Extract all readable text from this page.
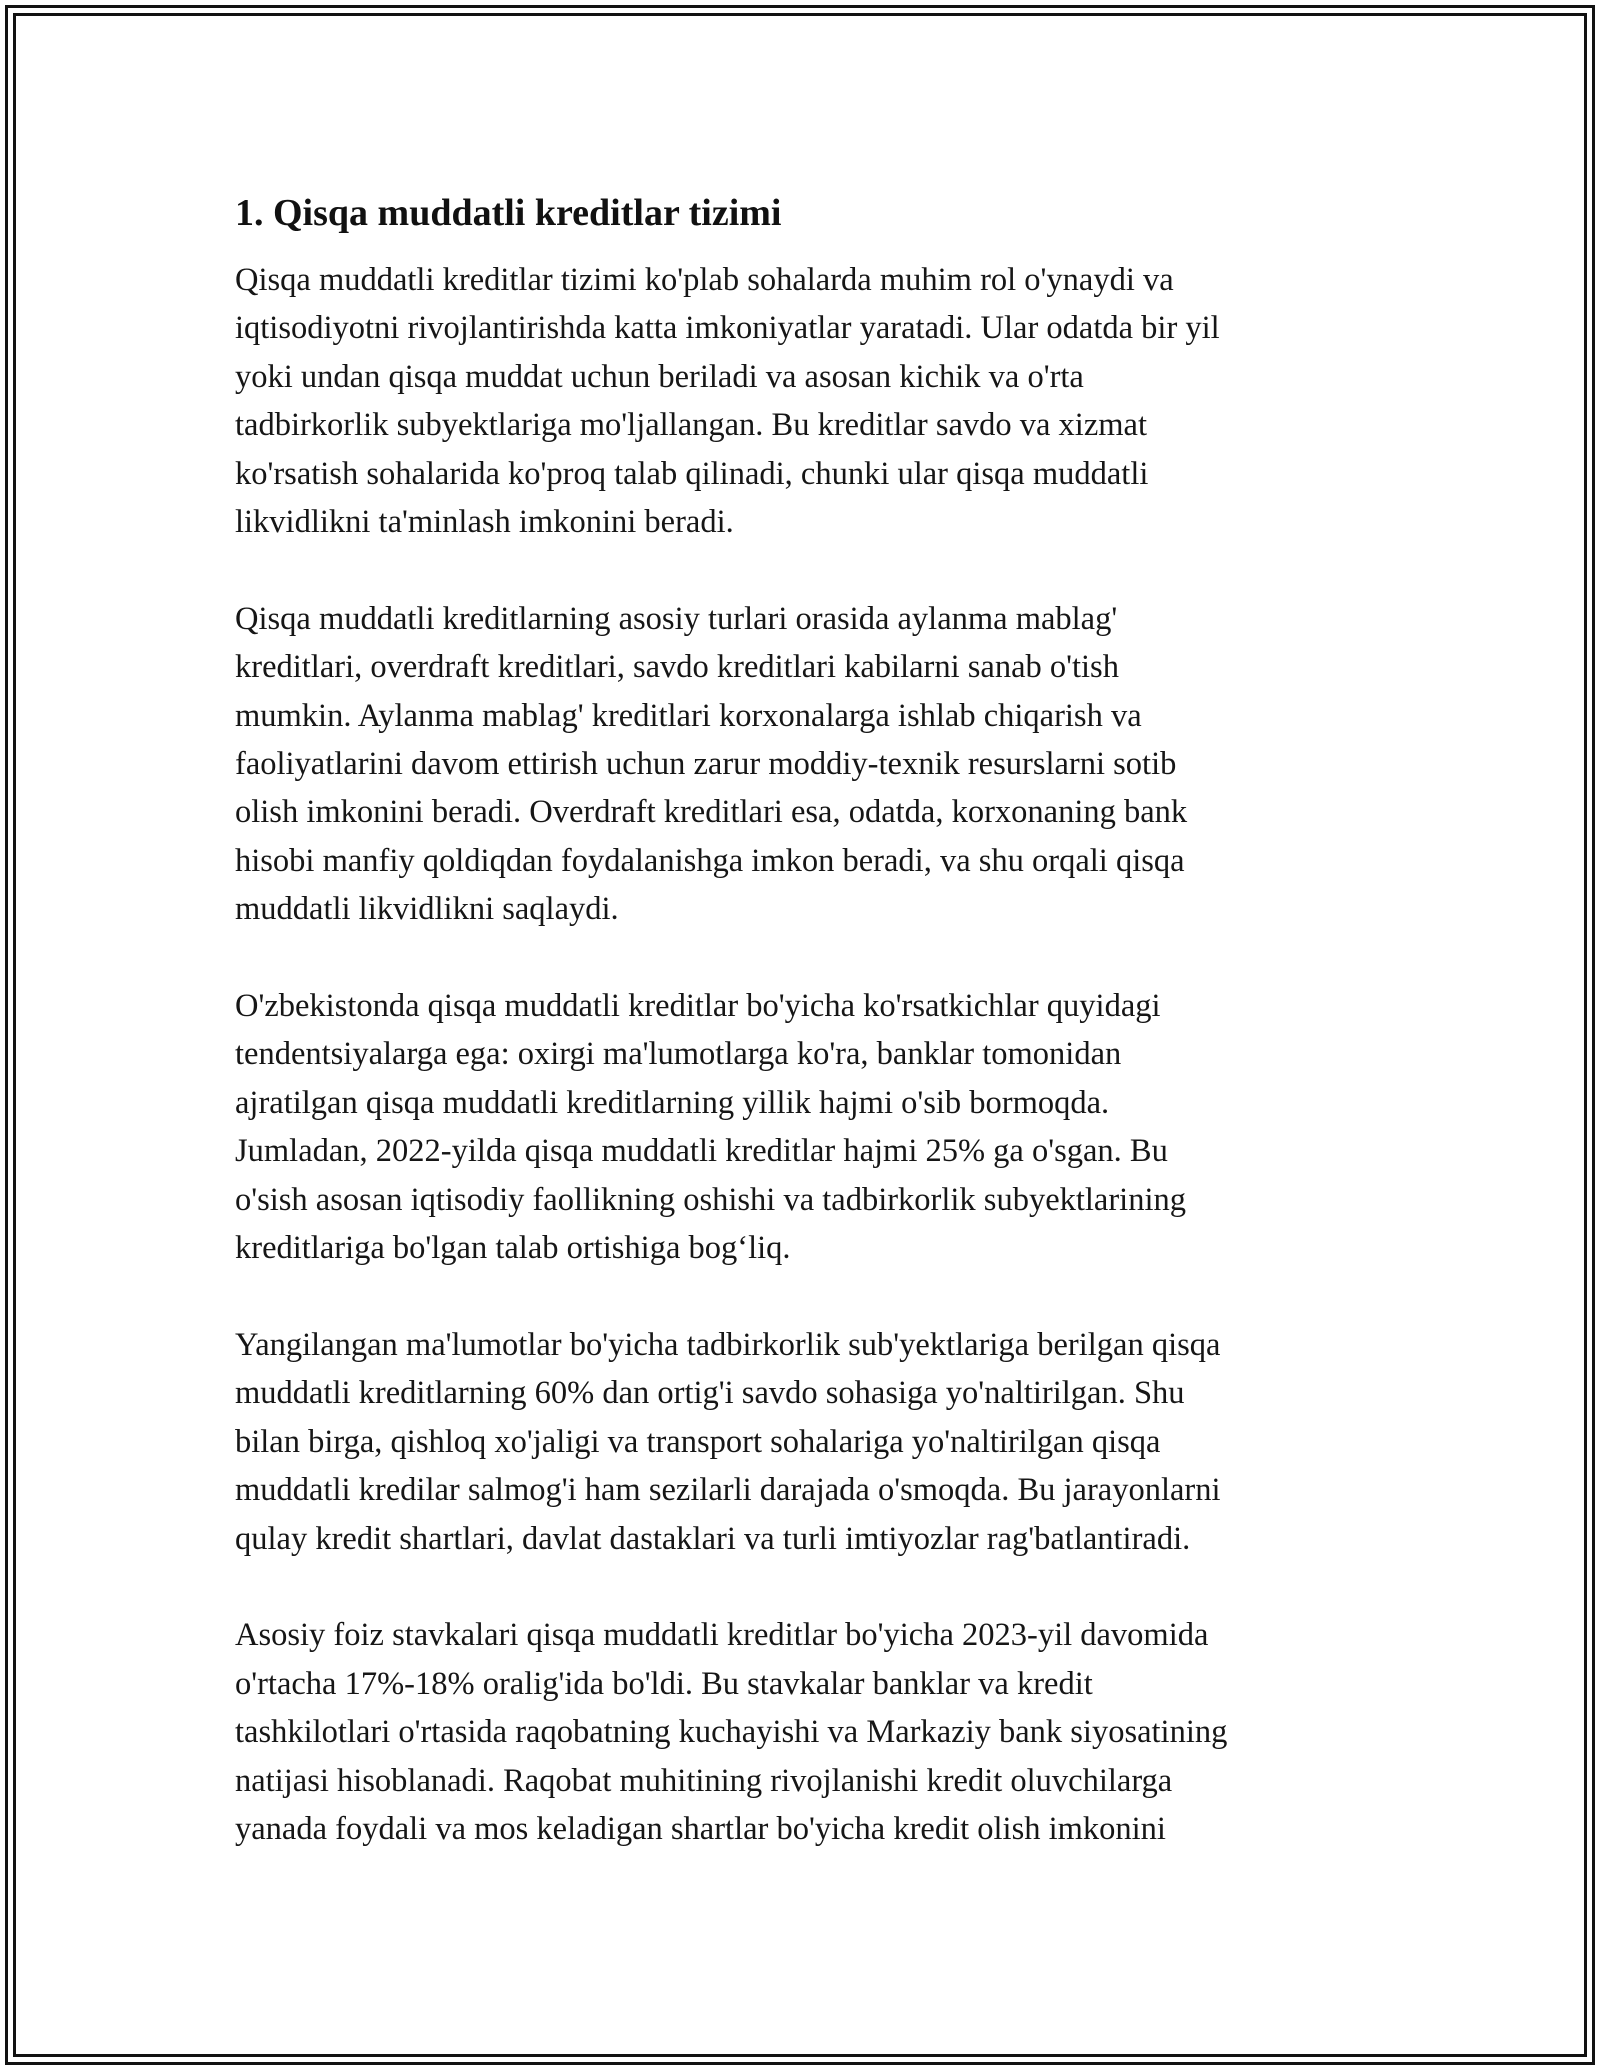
1. Qisqa muddatli kreditlar tizimi

Qisqa muddatli kreditlar tizimi ko'plab sohalarda muhim rol o'ynaydi va
iqtisodiyotni rivojlantirishda katta imkoniyatlar yaratadi. Ular odatda bir yil
yoki undan qisqa muddat uchun beriladi va asosan kichik va o'rta
tadbirkorlik subyektlariga mo'ljallangan. Bu kreditlar savdo va xizmat
ko'rsatish sohalarida ko'proq talab qilinadi, chunki ular qisqa muddatli
likvidlikni ta'minlash imkonini beradi.

Qisqa muddatli kreditlarning asosiy turlari orasida aylanma mablag'
kreditlari, overdraft kreditlari, savdo kreditlari kabilarni sanab o'tish
mumkin. Aylanma mablag' kreditlari korxonalarga ishlab chiqarish va
faoliyatlarini davom ettirish uchun zarur moddiy-texnik resurslarni sotib
olish imkonini beradi. Overdraft kreditlari esa, odatda, korxonaning bank
hisobi manfiy qoldiqdan foydalanishga imkon beradi, va shu orqali qisqa
muddatli likvidlikni saqlaydi.

O'zbekistonda qisqa muddatli kreditlar bo'yicha ko'rsatkichlar quyidagi
tendentsiyalarga ega: oxirgi ma'lumotlarga ko'ra, banklar tomonidan
ajratilgan qisqa muddatli kreditlarning yillik hajmi o'sib bormoqda.
Jumladan, 2022-yilda qisqa muddatli kreditlar hajmi 25% ga o'sgan. Bu
o'sish asosan iqtisodiy faollikning oshishi va tadbirkorlik subyektlarining
kreditlariga bo'lgan talab ortishiga bog‘liq.

Yangilangan ma'lumotlar bo'yicha tadbirkorlik sub'yektlariga berilgan qisqa
muddatli kreditlarning 60% dan ortig'i savdo sohasiga yo'naltirilgan. Shu
bilan birga, qishloq xo'jaligi va transport sohalariga yo'naltirilgan qisqa
muddatli kredilar salmog'i ham sezilarli darajada o'smoqda. Bu jarayonlarni
qulay kredit shartlari, davlat dastaklari va turli imtiyozlar rag'batlantiradi.

Asosiy foiz stavkalari qisqa muddatli kreditlar bo'yicha 2023-yil davomida
o'rtacha 17%-18% oralig'ida bo'ldi. Bu stavkalar banklar va kredit
tashkilotlari o'rtasida raqobatning kuchayishi va Markaziy bank siyosatining
natijasi hisoblanadi. Raqobat muhitining rivojlanishi kredit oluvchilarga
yanada foydali va mos keladigan shartlar bo'yicha kredit olish imkonini
